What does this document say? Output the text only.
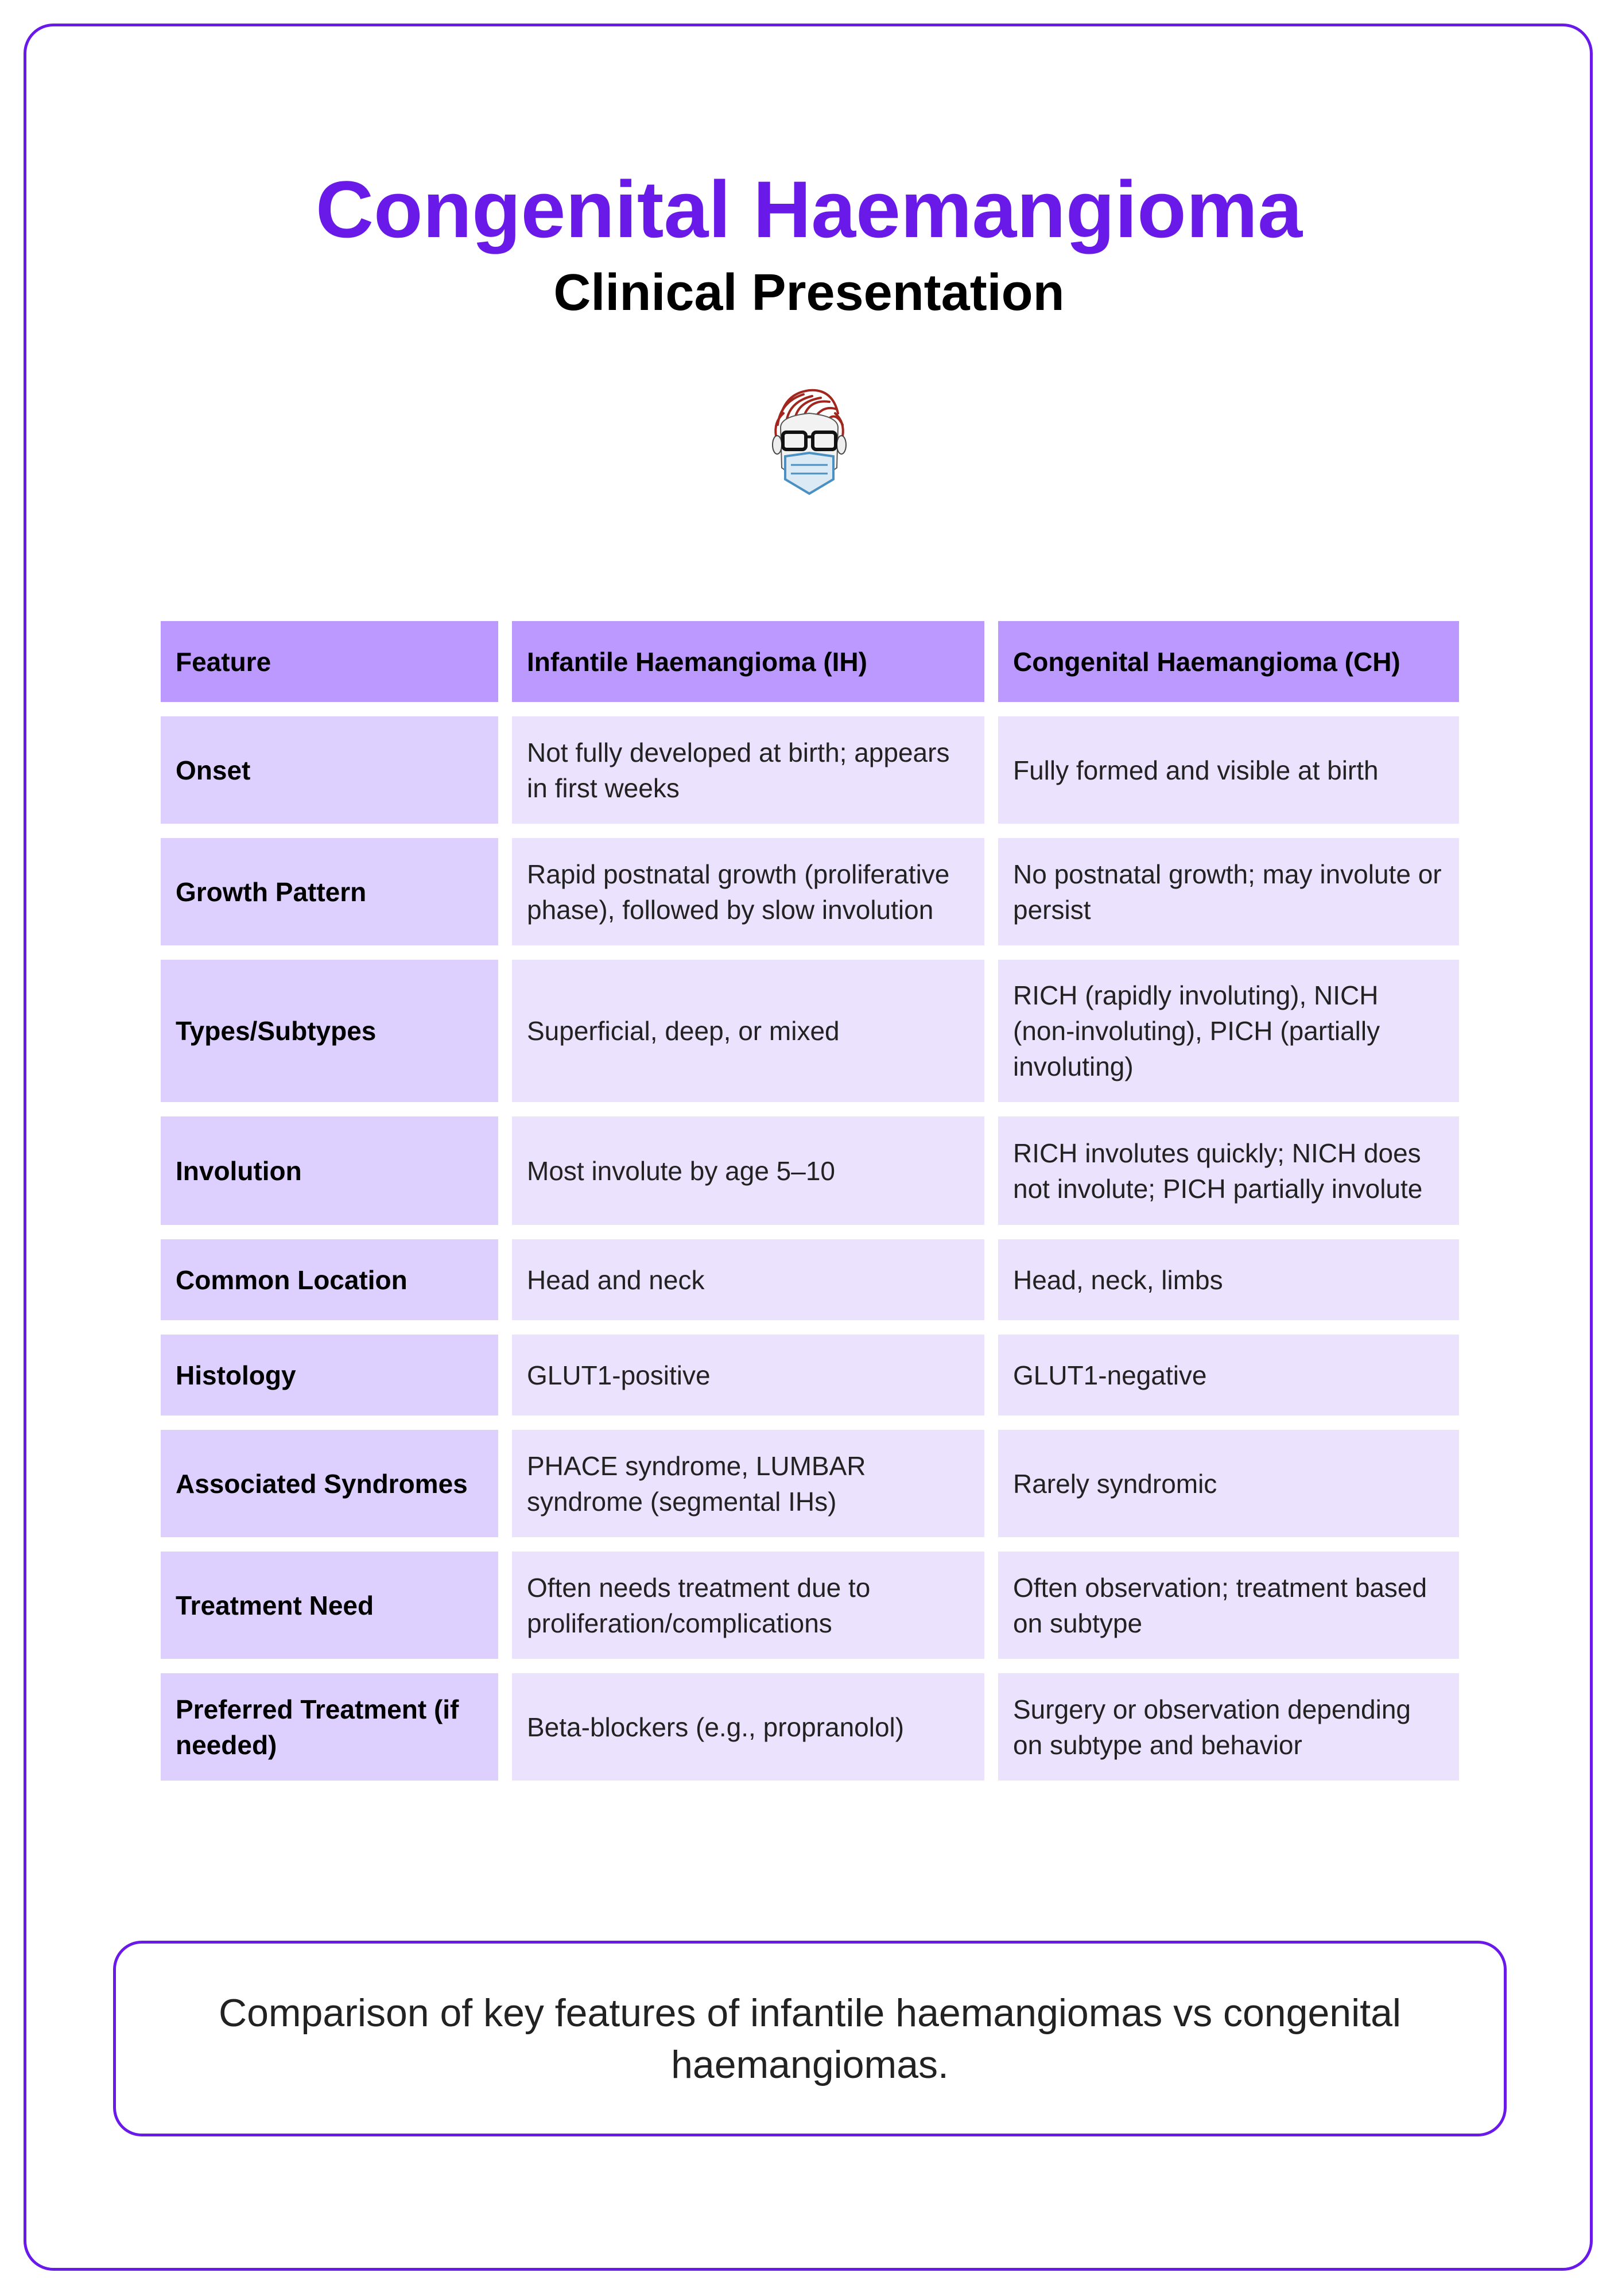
Congenital Haemangioma
Clinical Presentation
Feature	Infantile Haemangioma (IH)	Congenital Haemangioma (CH)
Onset	Not fully developed at birth; appears in first weeks	Fully formed and visible at birth
Growth Pattern	Rapid postnatal growth (proliferative phase), followed by slow involution	No postnatal growth; may involute or persist
Types/Subtypes	Superficial, deep, or mixed	RICH (rapidly involuting), NICH (non-involuting), PICH (partially involuting)
Involution	Most involute by age 5–10	RICH involutes quickly; NICH does not involute; PICH partially involute
Common Location	Head and neck	Head, neck, limbs
Histology	GLUT1-positive	GLUT1-negative
Associated Syndromes	PHACE syndrome, LUMBAR syndrome (segmental IHs)	Rarely syndromic
Treatment Need	Often needs treatment due to proliferation/complications	Often observation; treatment based on subtype
Preferred Treatment (if needed)	Beta-blockers (e.g., propranolol)	Surgery or observation depending on subtype and behavior
Comparison of key features of infantile haemangiomas vs congenital haemangiomas.
